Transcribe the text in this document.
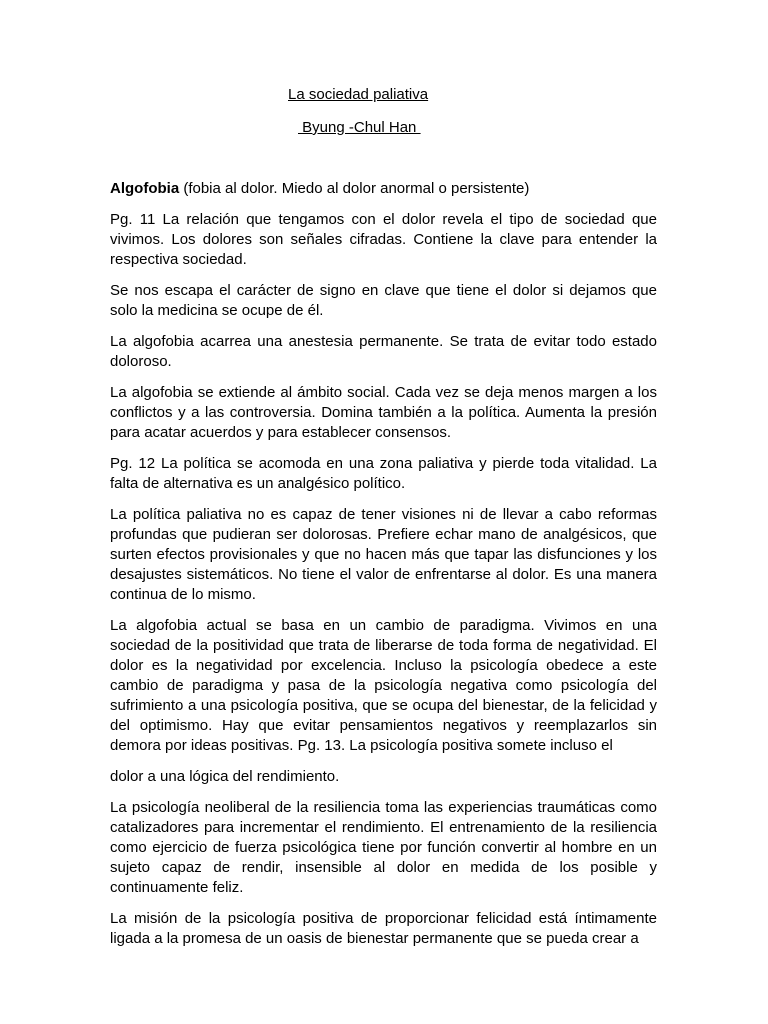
La sociedad paliativa
Byung -Chul Han

Algofobia (fobia al dolor. Miedo al dolor anormal o persistente)

Pg. 11 La relación que tengamos con el dolor revela el tipo de sociedad que vivimos. Los dolores son señales cifradas. Contiene la clave para entender la respectiva sociedad.

Se nos escapa el carácter de signo en clave que tiene el dolor si dejamos que solo la medicina se ocupe de él.

La algofobia acarrea una anestesia permanente. Se trata de evitar todo estado doloroso.

La algofobia se extiende al ámbito social. Cada vez se deja menos margen a los conflictos y a las controversia. Domina también a la política. Aumenta la presión para acatar acuerdos y para establecer consensos.

Pg. 12 La política se acomoda en una zona paliativa y pierde toda vitalidad. La falta de alternativa es un analgésico político.

La política paliativa no es capaz de tener visiones ni de llevar a cabo reformas profundas que pudieran ser dolorosas. Prefiere echar mano de analgésicos, que surten efectos provisionales y que no hacen más que tapar las disfunciones y los desajustes sistemáticos. No tiene el valor de enfrentarse al dolor. Es una manera continua de lo mismo.

La algofobia actual se basa en un cambio de paradigma. Vivimos en una sociedad de la positividad que trata de liberarse de toda forma de negatividad. El dolor es la negatividad por excelencia. Incluso la psicología obedece a este cambio de paradigma y pasa de la psicología negativa como psicología del sufrimiento a una psicología positiva, que se ocupa del bienestar, de la felicidad y del optimismo. Hay que evitar pensamientos negativos y reemplazarlos sin demora por ideas positivas. Pg. 13. La psicología positiva somete incluso el

dolor a una lógica del rendimiento.

La psicología neoliberal de la resiliencia toma las experiencias traumáticas como catalizadores para incrementar el rendimiento. El entrenamiento de la resiliencia como ejercicio de fuerza psicológica tiene por función convertir al hombre en un sujeto capaz de rendir, insensible al dolor en medida de los posible y continuamente feliz.

La misión de la psicología positiva de proporcionar felicidad está íntimamente ligada a la promesa de un oasis de bienestar permanente que se pueda crear a
